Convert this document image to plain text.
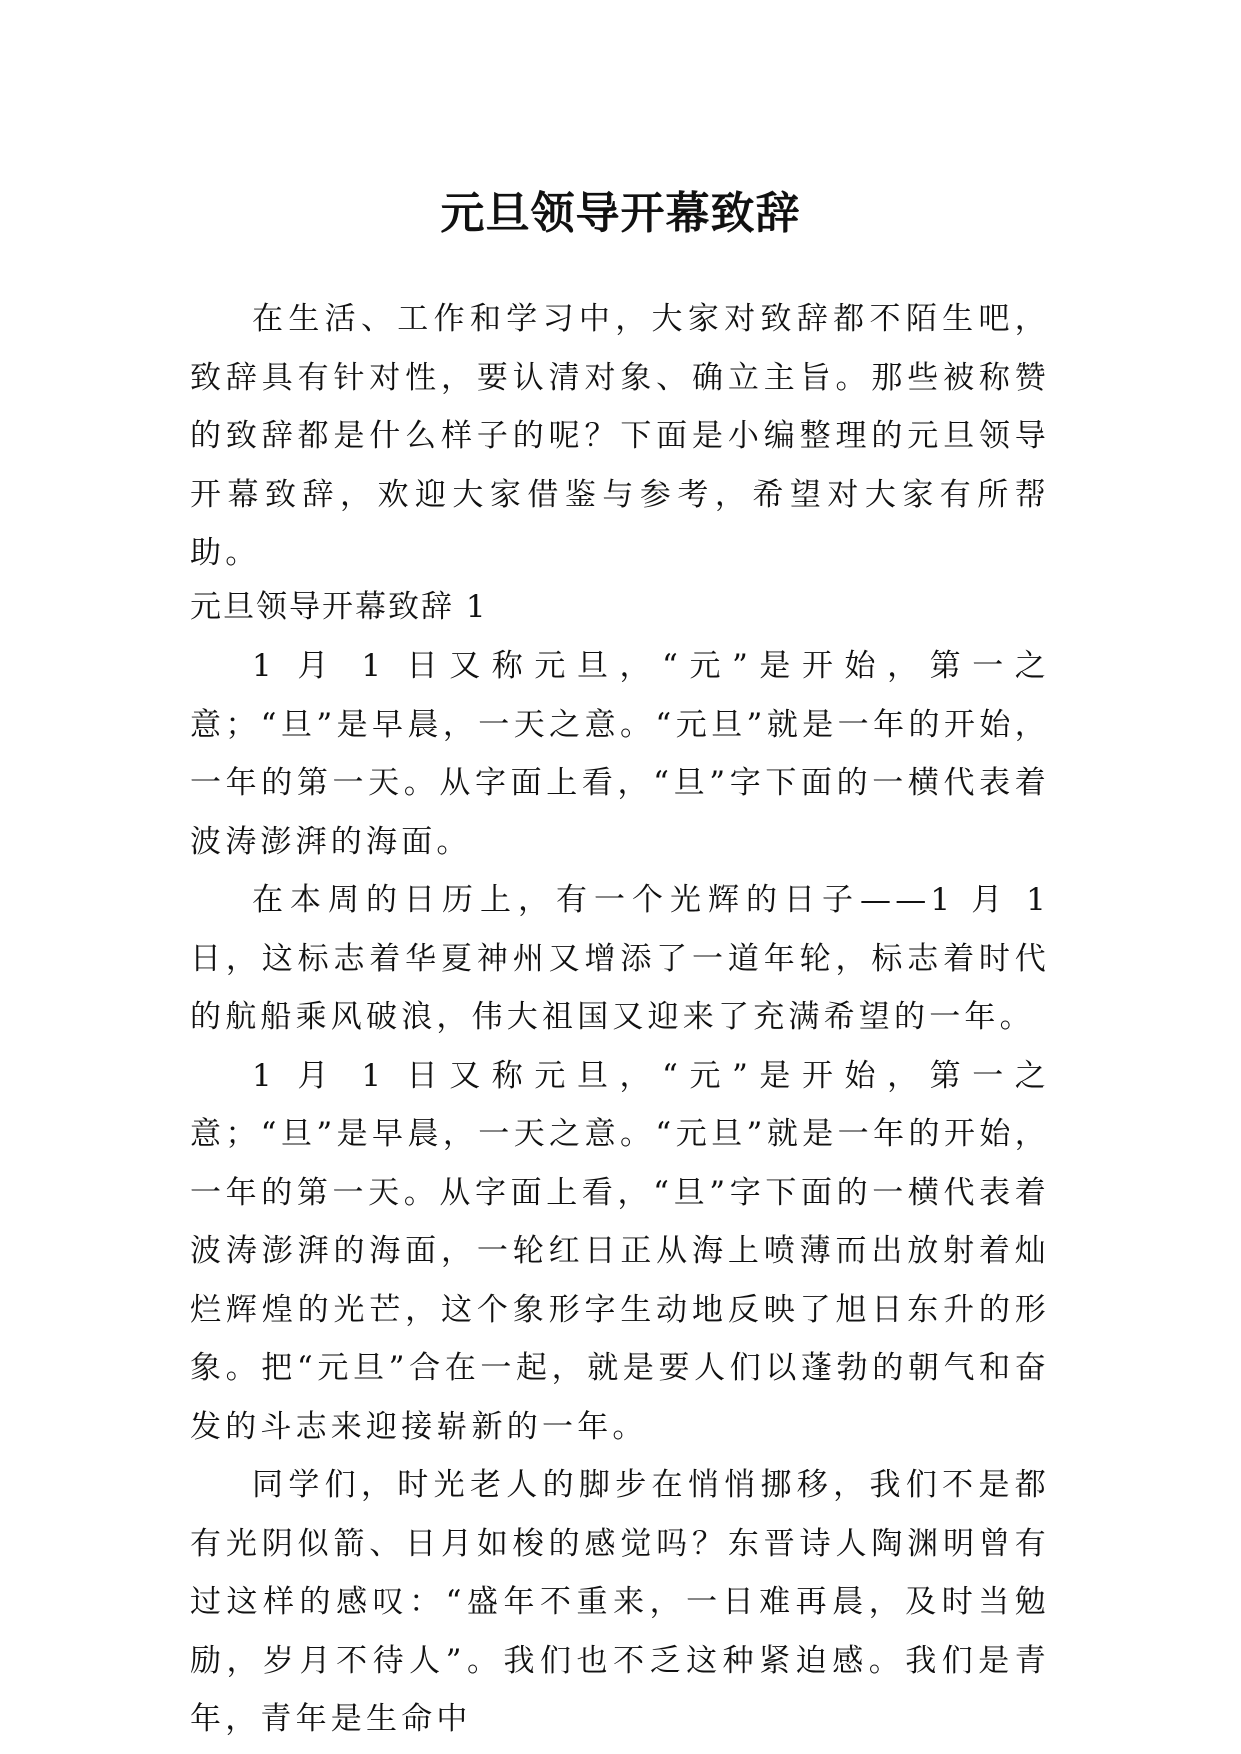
元旦领导开幕致辞

在生活、工作和学习中，大家对致辞都不陌生吧，致辞具有针对性，要认清对象、确立主旨。那些被称赞的致辞都是什么样子的呢？下面是小编整理的元旦领导开幕致辞，欢迎大家借鉴与参考，希望对大家有所帮助。

元旦领导开幕致辞 1

1 月 1 日又称元旦，“元”是开始，第一之意；“旦”是早晨，一天之意。“元旦”就是一年的开始，一年的第一天。从字面上看，“旦”字下面的一横代表着波涛澎湃的海面。

在本周的日历上，有一个光辉的日子——1 月 1 日，这标志着华夏神州又增添了一道年轮，标志着时代的航船乘风破浪，伟大祖国又迎来了充满希望的一年。

1 月 1 日又称元旦，“元”是开始，第一之意；“旦”是早晨，一天之意。“元旦”就是一年的开始，一年的第一天。从字面上看，“旦”字下面的一横代表着波涛澎湃的海面，一轮红日正从海上喷薄而出放射着灿烂辉煌的光芒，这个象形字生动地反映了旭日东升的形象。把“元旦”合在一起，就是要人们以蓬勃的朝气和奋发的斗志来迎接崭新的一年。

同学们，时光老人的脚步在悄悄挪移，我们不是都有光阴似箭、日月如梭的感觉吗？东晋诗人陶渊明曾有过这样的感叹：“盛年不重来，一日难再晨，及时当勉励，岁月不待人”。我们也不乏这种紧迫感。我们是青年，青年是生命中
